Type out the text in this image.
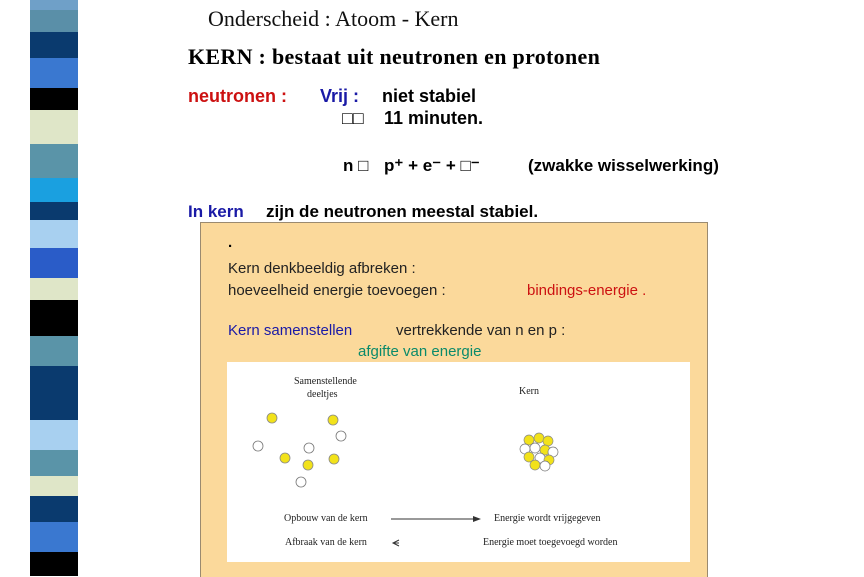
Onderscheid : Atoom - Kern
KERN : bestaat uit neutronen en protonen
neutronen : Vrij : niet stabiel
□□ 11 minuten.
n □ p⁺ + e⁻ + □⁻	(zwakke wisselwerking)
In kern zijn de neutronen meestal stabiel.
.
Kern denkbeeldig afbreken :
hoeveelheid energie toevoegen :	bindings-energie .
Kern samenstellen	vertrekkende van n en p :
afgifte van energie
Samenstellende
deeltjes	Kern
Opbouw van de kern	Energie wordt vrijgegeven
Afbraak van de kern	Energie moet toegevoegd worden
